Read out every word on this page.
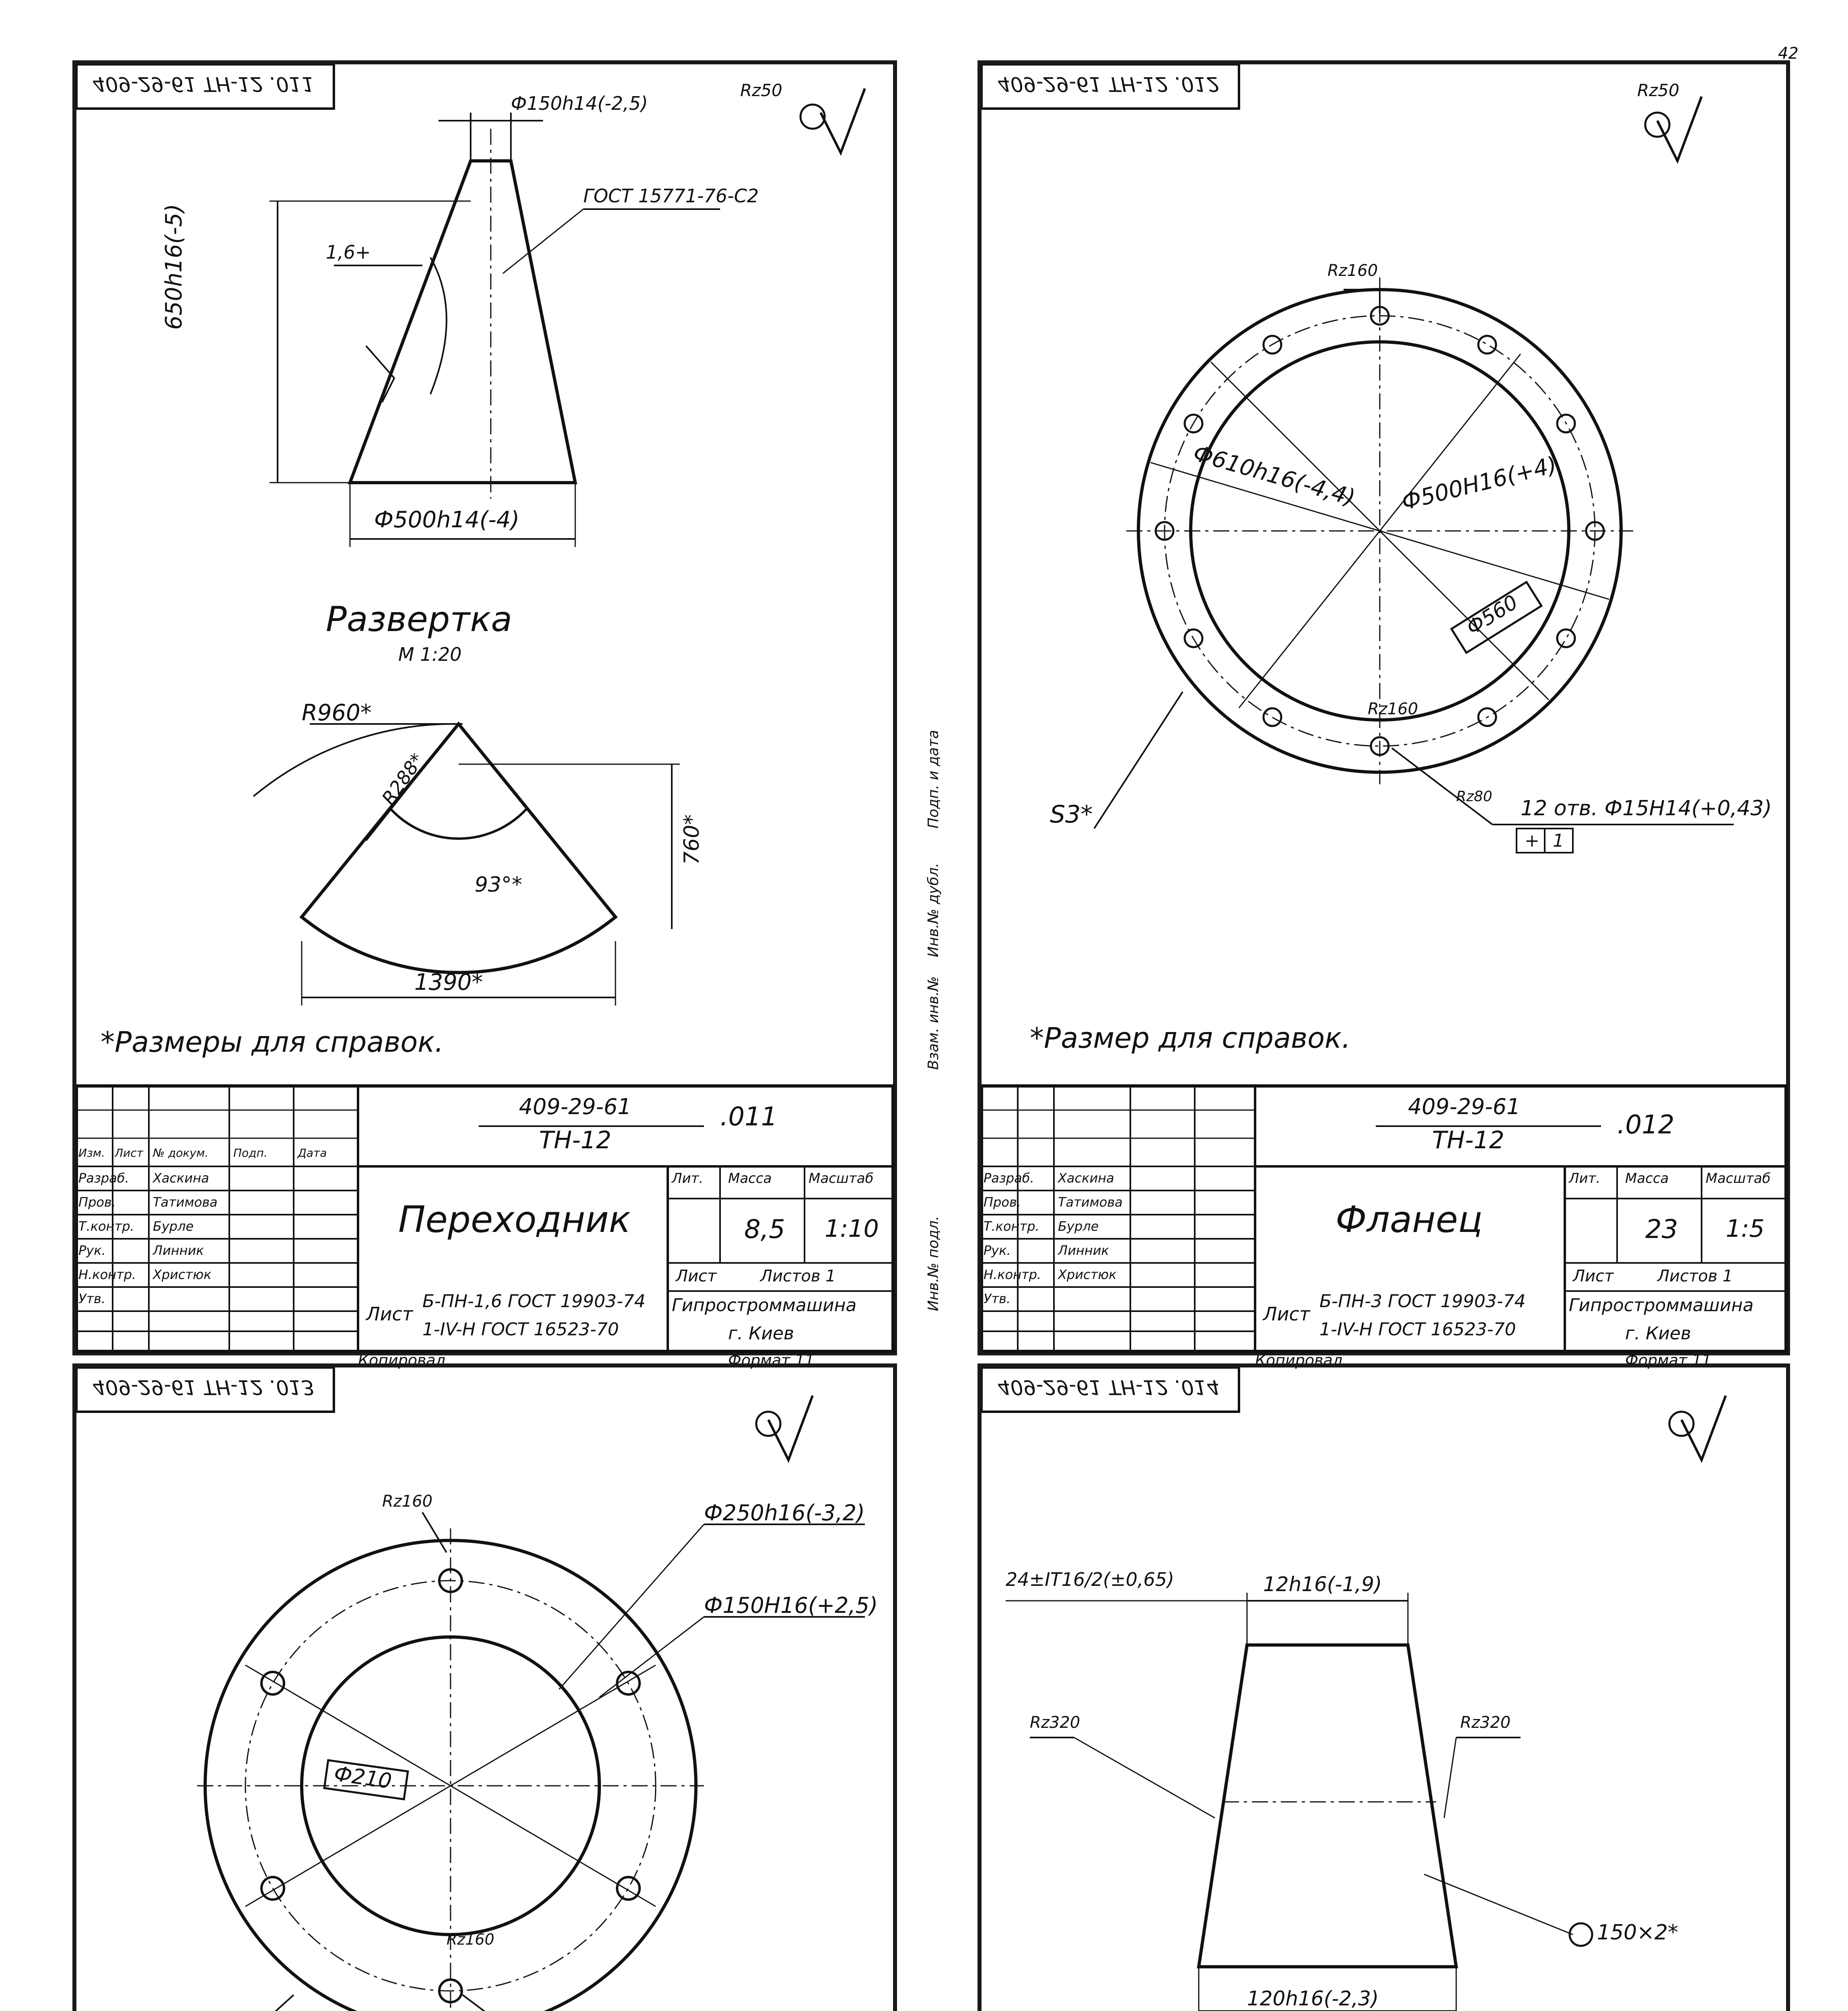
42
409-29-61 TH-12 .011
Ф150h14(-2,5)
Rz50
ГОСТ 15771-76-С2
1,6+
650h16(-5)
Ф500h14(-4)
Развертка
М 1:20
R960*
R288*
93°*
760*
1390*
*Размеры для справок.
409-29-61
TH-12
.011
Переходник
Лит. Масса	Масштаб
8,5 1:10
Лист	Листов 1
Гипростроммашина
г. Киев
Лист
Б-ПН-1,6 ГОСТ 19903-74
1-IV-Н ГОСТ 16523-70
Копировал	Формат 11
Изм. Лист № докум. Подп.	Дата
Разраб. Хаскина
Пров.	Татимова
Т.контр. Бурле
Рук.	Линник
Н.контр. Христюк
Утв.
409-29-61 TH-12 .012	Rz50
Rz160
Ф610h16(-4,4) Ф500H16(+4)
Ф560
Rz160
Rz80
S3*	12 отв. Ф15H14(+0,43)
+ 1
*Размер для справок.
409-29-61
TH-12
.012
Фланец
Лит. Масса	Масштаб
23 1:5
Лист	Листов 1
Гипростроммашина
г. Киев
Лист
Б-ПН-3 ГОСТ 19903-74
1-IV-Н ГОСТ 16523-70
Копировал	Формат 11
Разраб. Хаскина
Пров.	Татимова
Т.контр. Бурле
Рук.	Линник
Н.контр. Христюк
Утв.
Подп. и дата
Инв.№ дубл.
Взам. инв.№
Инв.№ подл.
409-29-61 TH-12 .013
Rz160	Ф250h16(-3,2)
Ф150H16(+2,5)
Ф210
Rz160
409-29-61 TH-12 .014
24±IT16/2(±0,65)	12h16(-1,9)
Rz320	Rz320
150×2*
120h16(-2,3)
